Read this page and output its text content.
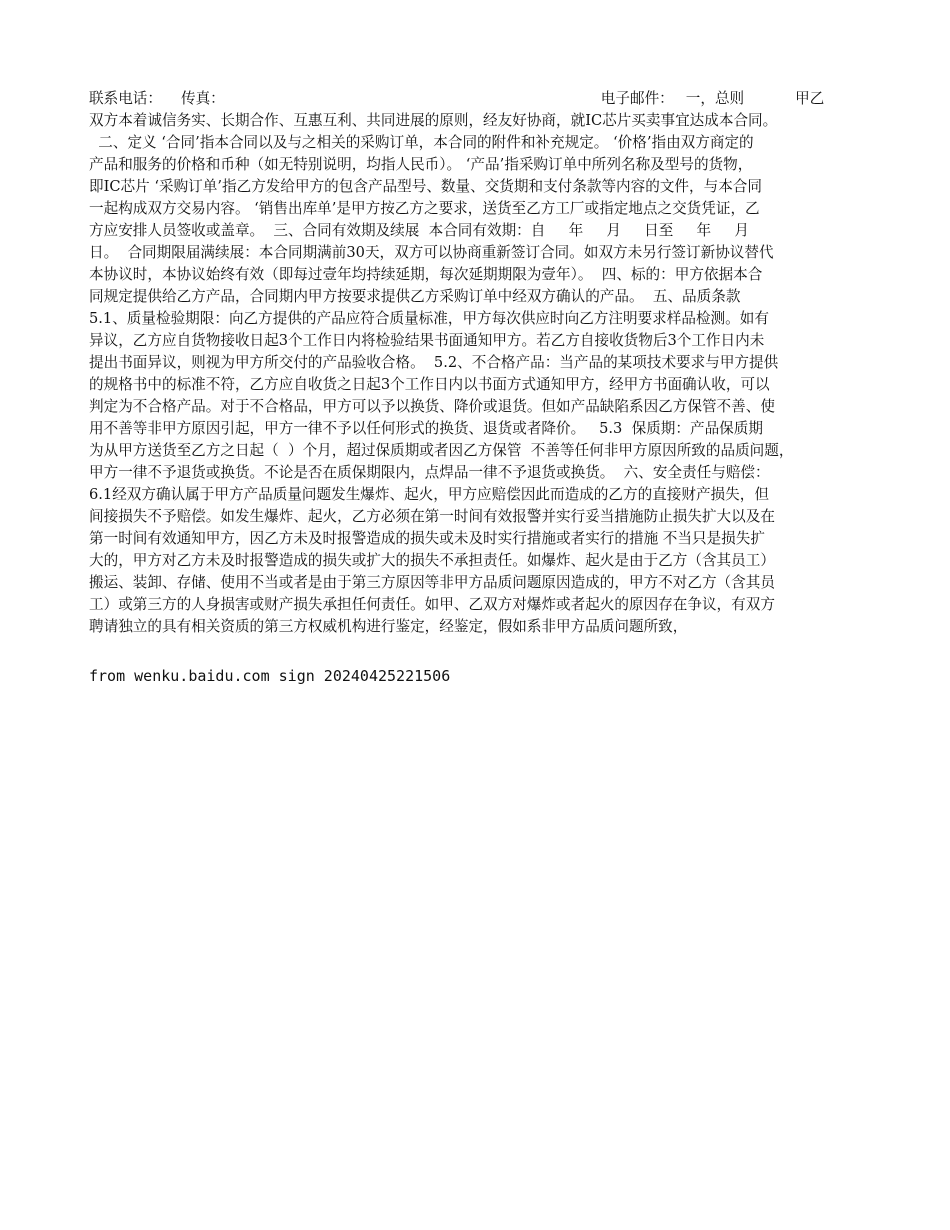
联系电话： 传真：	电子邮件： 一，总则	甲乙
双方本着诚信务实、长期合作、互惠互利、共同进展的原则，经友好协商，就IC芯片买卖事宜达成本合同。
二、定义 ‘合同’指本合同以及与之相关的采购订单，本合同的附件和补充规定。 ‘价格’指由双方商定的
产品和服务的价格和币种（如无特别说明，均指人民币）。 ‘产品’指采购订单中所列名称及型号的货物，
即IC芯片 ‘采购订单’指乙方发给甲方的包含产品型号、数量、交货期和支付条款等内容的文件，与本合同
一起构成双方交易内容。 ‘销售出库单’是甲方按乙方之要求，送货至乙方工厂或指定地点之交货凭证，乙
方应安排人员签收或盖章。  三、合同有效期及续展  本合同有效期：自     年     月     日至     年     月
日。  合同期限届满续展：本合同期满前30天，双方可以协商重新签订合同。如双方未另行签订新协议替代
本协议时，本协议始终有效（即每过壹年均持续延期，每次延期期限为壹年）。  四、标的：甲方依据本合
同规定提供给乙方产品，合同期内甲方按要求提供乙方采购订单中经双方确认的产品。  五、品质条款
5.1、质量检验期限：向乙方提供的产品应符合质量标准，甲方每次供应时向乙方注明要求样品检测。如有
异议，乙方应自货物接收日起3个工作日内将检验结果书面通知甲方。若乙方自接收货物后3个工作日内未
提出书面异议，则视为甲方所交付的产品验收合格。  5.2、不合格产品：当产品的某项技术要求与甲方提供
的规格书中的标准不符，乙方应自收货之日起3个工作日内以书面方式通知甲方，经甲方书面确认收，可以
判定为不合格产品。对于不合格品，甲方可以予以换货、降价或退货。但如产品缺陷系因乙方保管不善、使
用不善等非甲方原因引起，甲方一律不予以任何形式的换货、退货或者降价。   5.3  保质期：产品保质期
为从甲方送货至乙方之日起（  ）个月，超过保质期或者因乙方保管  不善等任何非甲方原因所致的品质问题，
甲方一律不予退货或换货。不论是否在质保期限内，点焊品一律不予退货或换货。  六、安全责任与赔偿：
6.1经双方确认属于甲方产品质量问题发生爆炸、起火，甲方应赔偿因此而造成的乙方的直接财产损失，但
间接损失不予赔偿。如发生爆炸、起火，乙方必须在第一时间有效报警并实行妥当措施防止损失扩大以及在
第一时间有效通知甲方，因乙方未及时报警造成的损失或未及时实行措施或者实行的措施 不当只是损失扩
大的，甲方对乙方未及时报警造成的损失或扩大的损失不承担责任。如爆炸、起火是由于乙方（含其员工）
搬运、装卸、存储、使用不当或者是由于第三方原因等非甲方品质问题原因造成的，甲方不对乙方（含其员
工）或第三方的人身损害或财产损失承担任何责任。如甲、乙双方对爆炸或者起火的原因存在争议，有双方
聘请独立的具有相关资质的第三方权威机构进行鉴定，经鉴定，假如系非甲方品质问题所致，
from wenku.baidu.com sign 20240425221506
